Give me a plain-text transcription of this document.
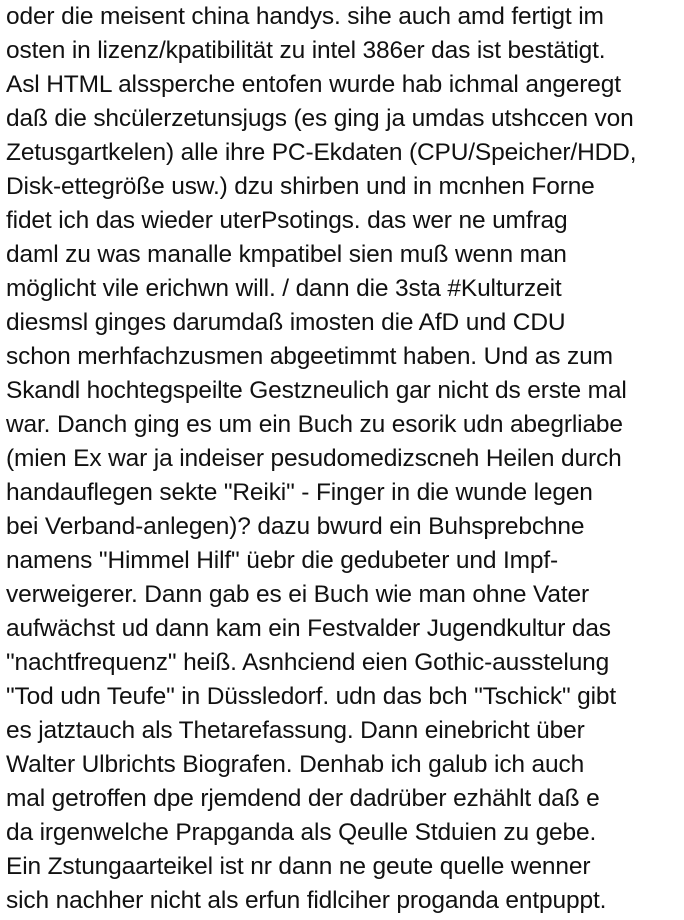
oder die meisent china handys. sihe auch amd fertigt im
osten in lizenz/kpatibilität zu intel 386er das ist bestätigt.
Asl HTML alssperche entofen wurde hab ichmal angeregt
daß die shcülerzetunsjugs (es ging ja umdas utshccen von
Zetusgartkelen) alle ihre PC-Ekdaten (CPU/Speicher/HDD,
Disk-ettegröße usw.) dzu shirben und in mcnhen Forne
fidet ich das wieder uterPsotings. das wer ne umfrag
daml zu was manalle kmpatibel sien muß wenn man
möglicht vile erichwn will. / dann die 3sta #Kulturzeit
diesmsl ginges darumdaß imosten die AfD und CDU
schon merhfachzusmen abgeetimmt haben. Und as zum
Skandl hochtegspeilte Gestzneulich gar nicht ds erste mal
war. Danch ging es um ein Buch zu esorik udn abegrliabe
(mien Ex war ja indeiser pesudomedizscneh Heilen durch
handauflegen sekte "Reiki" - Finger in die wunde legen
bei Verband-anlegen)? dazu bwurd ein Buhsprebchne
namens "Himmel Hilf" üebr die gedubeter und Impf-
verweigerer. Dann gab es ei Buch wie man ohne Vater
aufwächst ud dann kam ein Festvalder Jugendkultur das
"nachtfrequenz" heiß. Asnhciend eien Gothic-ausstelung
"Tod udn Teufe" in Düssledorf. udn das bch "Tschick" gibt
es jatztauch als Thetarefassung. Dann einebricht über
Walter Ulbrichts Biografen. Denhab ich galub ich auch
mal getroffen dpe rjemdend der dadrüber ezhählt daß e
da irgenwelche Prapganda als Qeulle Stduien zu gebe.
Ein Zstungaarteikel ist nr dann ne geute quelle wenner
sich nachher nicht als erfun fidlciher proganda entpuppt.
